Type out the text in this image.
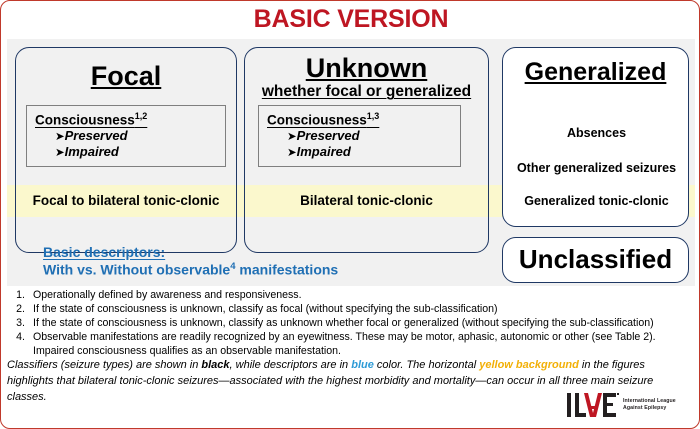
BASIC VERSION
Focal
Consciousness$^{1,2}$
➤Preserved
➤Impaired
Focal to bilateral tonic-clonic
Unknown
whether focal or generalized
Consciousness$^{1,3}$
➤Preserved
➤Impaired
Bilateral tonic-clonic
Generalized
Absences
Other generalized seizures
Generalized tonic-clonic
Unclassified
Basic descriptors:
With vs. Without observable$^4$ manifestations
1. Operationally defined by awareness and responsiveness.
2. If the state of consciousness is unknown, classify as focal (without specifying the sub-classification)
3. If the state of consciousness is unknown, classify as unknown whether focal or generalized (without specifying the sub-classification)
4. Observable manifestations are readily recognized by an eyewitness. These may be motor, aphasic, autonomic or other (see Table 2). Impaired consciousness qualifies as an observable manifestation.
Classifiers (seizure types) are shown in black, while descriptors are in blue color. The horizontal yellow background in the figures highlights that bilateral tonic-clonic seizures—associated with the highest morbidity and mortality—can occur in all three main seizure classes.	International League
Against Epilepsy
